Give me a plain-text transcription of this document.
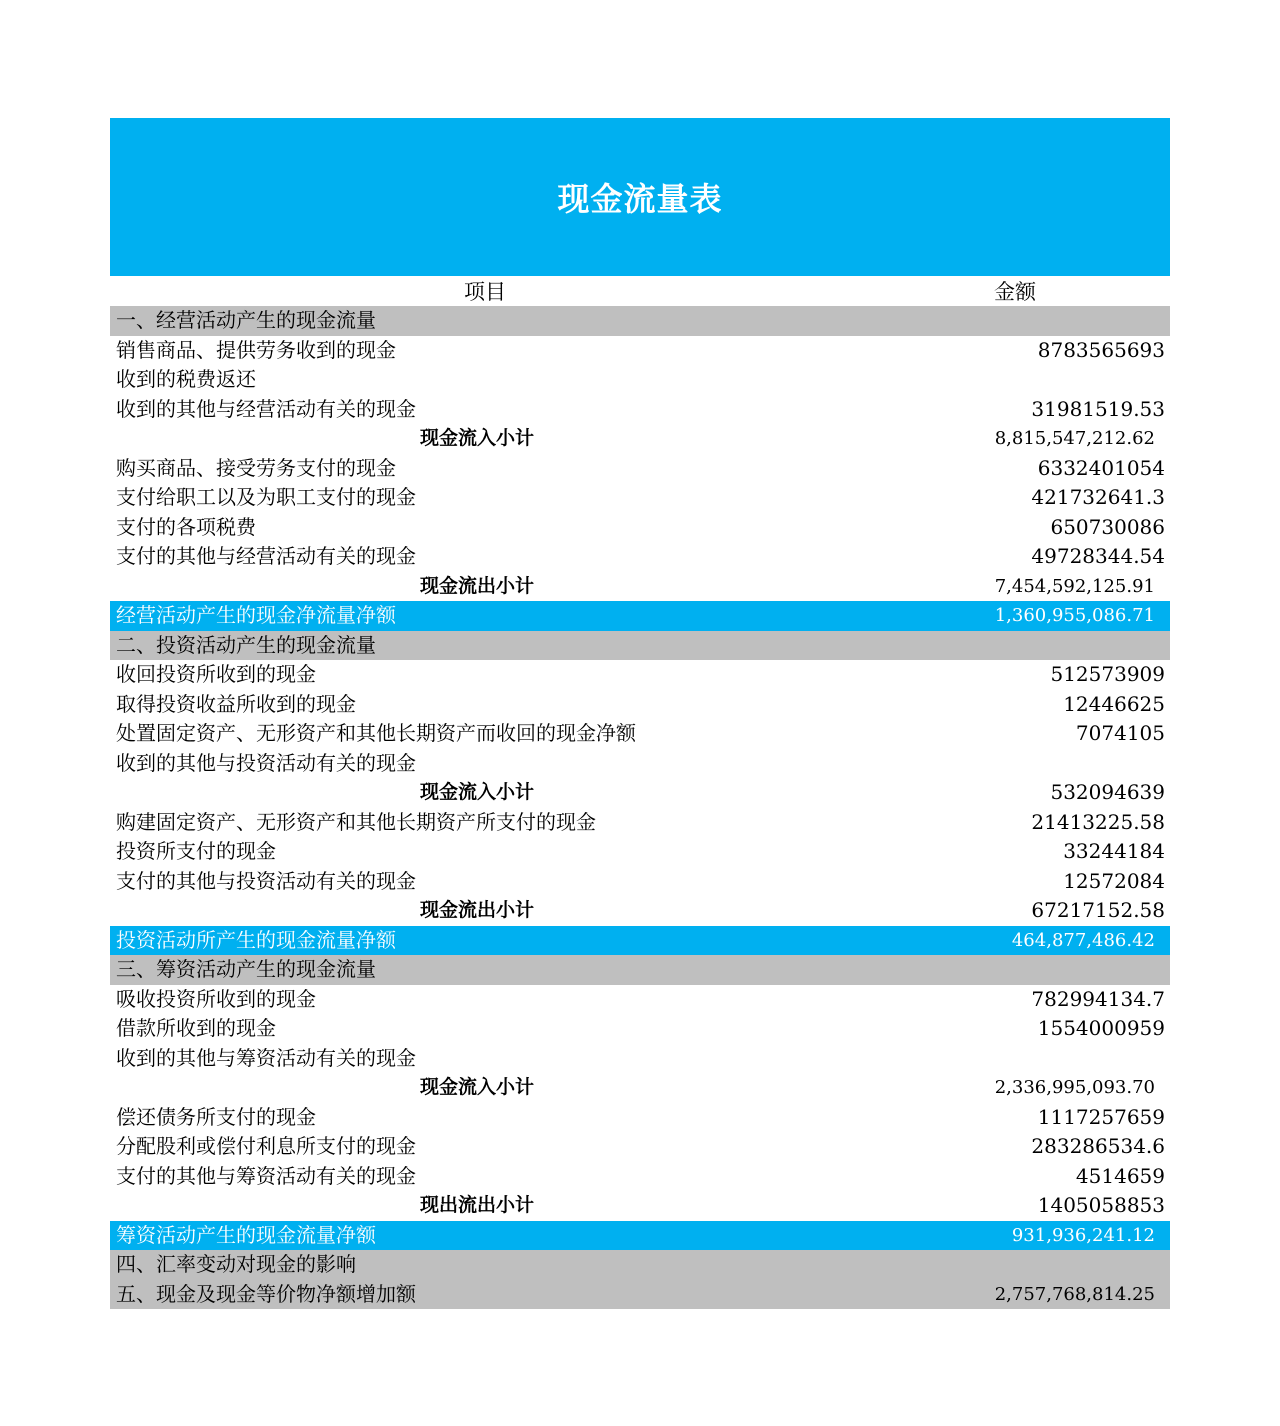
现金流量表
项目	金额
一、经营活动产生的现金流量
销售商品、提供劳务收到的现金	8783565693
收到的税费返还
收到的其他与经营活动有关的现金	31981519.53
现金流入小计	8,815,547,212.62
购买商品、接受劳务支付的现金	6332401054
支付给职工以及为职工支付的现金	421732641.3
支付的各项税费	650730086
支付的其他与经营活动有关的现金	49728344.54
现金流出小计	7,454,592,125.91
经营活动产生的现金净流量净额	1,360,955,086.71
二、投资活动产生的现金流量
收回投资所收到的现金	512573909
取得投资收益所收到的现金	12446625
处置固定资产、无形资产和其他长期资产而收回的现金净额	7074105
收到的其他与投资活动有关的现金
现金流入小计	532094639
购建固定资产、无形资产和其他长期资产所支付的现金	21413225.58
投资所支付的现金	33244184
支付的其他与投资活动有关的现金	12572084
现金流出小计	67217152.58
投资活动所产生的现金流量净额	464,877,486.42
三、筹资活动产生的现金流量
吸收投资所收到的现金	782994134.7
借款所收到的现金	1554000959
收到的其他与筹资活动有关的现金
现金流入小计	2,336,995,093.70
偿还债务所支付的现金	1117257659
分配股利或偿付利息所支付的现金	283286534.6
支付的其他与筹资活动有关的现金	4514659
现出流出小计	1405058853
筹资活动产生的现金流量净额	931,936,241.12
四、汇率变动对现金的影响
五、现金及现金等价物净额增加额	2,757,768,814.25
